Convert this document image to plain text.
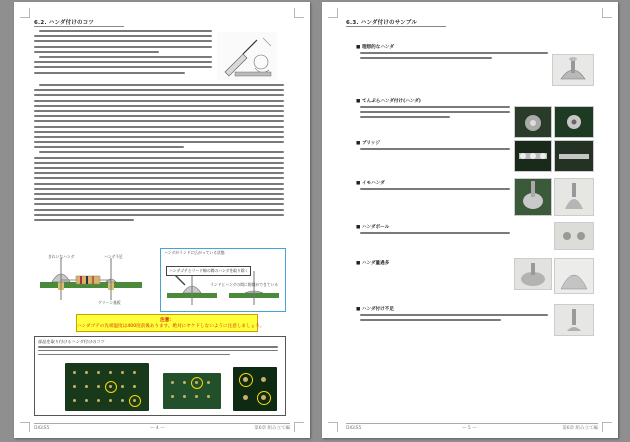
6.2. ハンダ付けのコツ
きれいなハンダ	ハンダ不足
グリーン基板
ハンダがランドに広がっている状態
ランドとハンダの間に隙間ができている
ハンダゴテとリード線の間のハンダを取り除く
注意：
ハンダゴテの先端温度は400度前後あります。絶対にヤケドしないように注意しましょう。
部品を取り付けるハンダ付けのコツ
DIGIS5	— 4 —	第6章 組み立て編
6.3. ハンダ付けのサンプル
■ 理想的なハンダ
■ てんぷらハンダ付け(ハンダ)
■ ブリッジ
■ イモハンダ
■ ハンダボール
■ ハンダ量過多
■ ハンダ付け不足
DIGIS5	— 5 —	第6章 組み立て編
